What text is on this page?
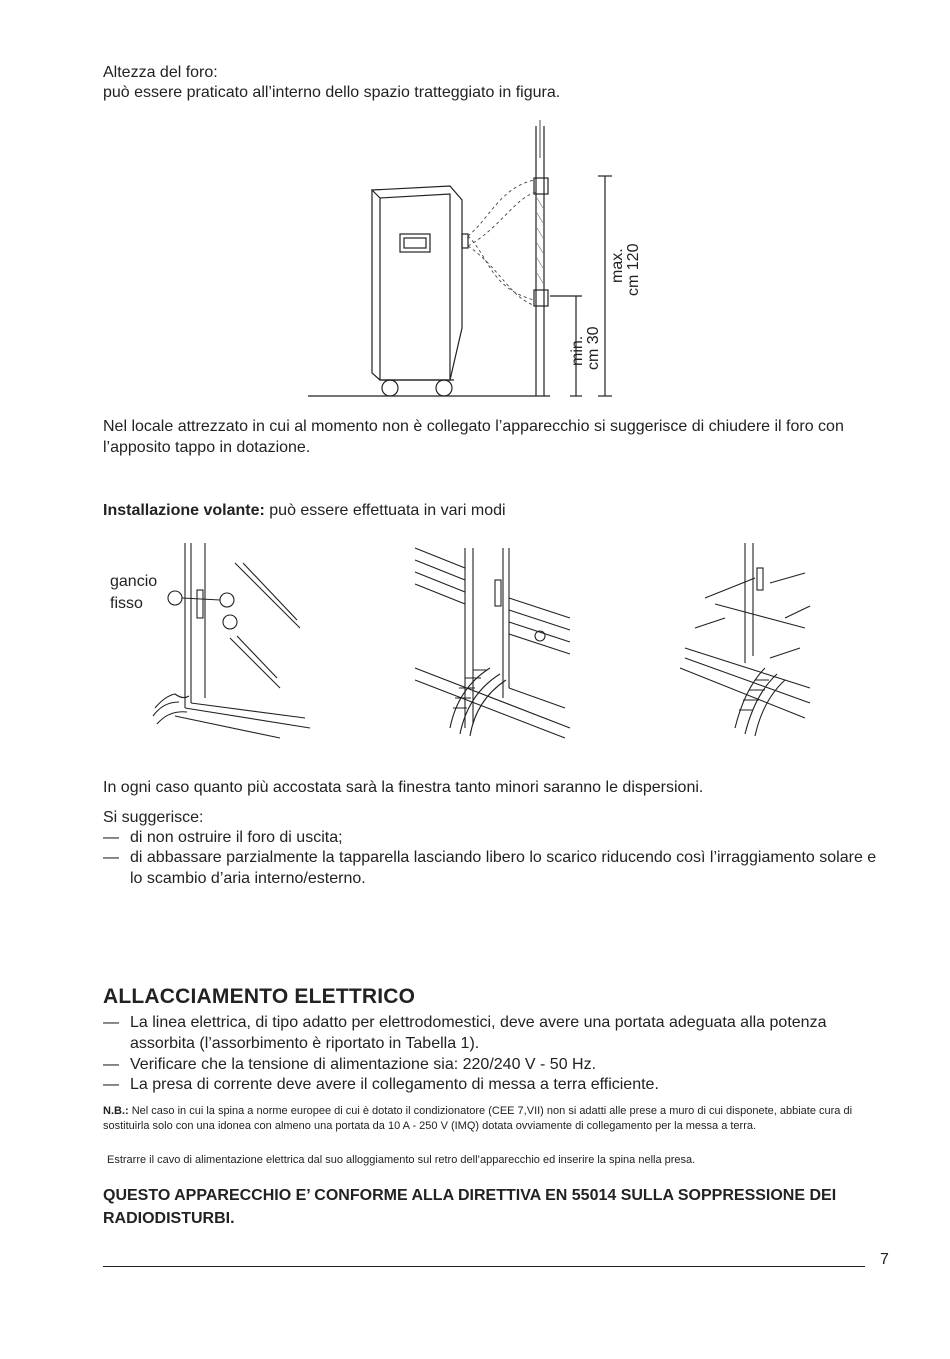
Altezza del foro:
può essere praticato all’interno dello spazio tratteggiato in figura.
max. cm 120
min. cm 30
Nel locale attrezzato in cui al momento non è collegato l’apparecchio si suggerisce di chiudere il foro con l’apposito tappo in dotazione.
Installazione volante: può essere effettuata in vari modi
gancio
fisso
In ogni caso quanto più accostata sarà la finestra tanto minori saranno le dispersioni.
Si suggerisce:
— di non ostruire il foro di uscita;
— di abbassare parzialmente la tapparella lasciando libero lo scarico riducendo così l’irraggiamento solare e lo scambio d’aria interno/esterno.
ALLACCIAMENTO ELETTRICO
— La linea elettrica, di tipo adatto per elettrodomestici, deve avere una portata adeguata alla potenza assorbita (l’assorbimento è riportato in Tabella 1).
— Verificare che la tensione di alimentazione sia: 220/240 V - 50 Hz.
— La presa di corrente deve avere il collegamento di messa a terra efficiente.
N.B.: Nel caso in cui la spina a norme europee di cui è dotato il condizionatore (CEE 7,VII) non si adatti alle prese a muro di cui disponete, abbiate cura di sostituirla solo con una idonea con almeno una portata da 10 A - 250 V (IMQ) dotata ovviamente di collegamento per la messa a terra.
Estrarre il cavo di alimentazione elettrica dal suo alloggiamento sul retro dell’apparecchio ed inserire la spina nella presa.
QUESTO APPARECCHIO E’ CONFORME ALLA DIRETTIVA EN 55014 SULLA SOPPRESSIONE DEI RADIODISTURBI.
7
